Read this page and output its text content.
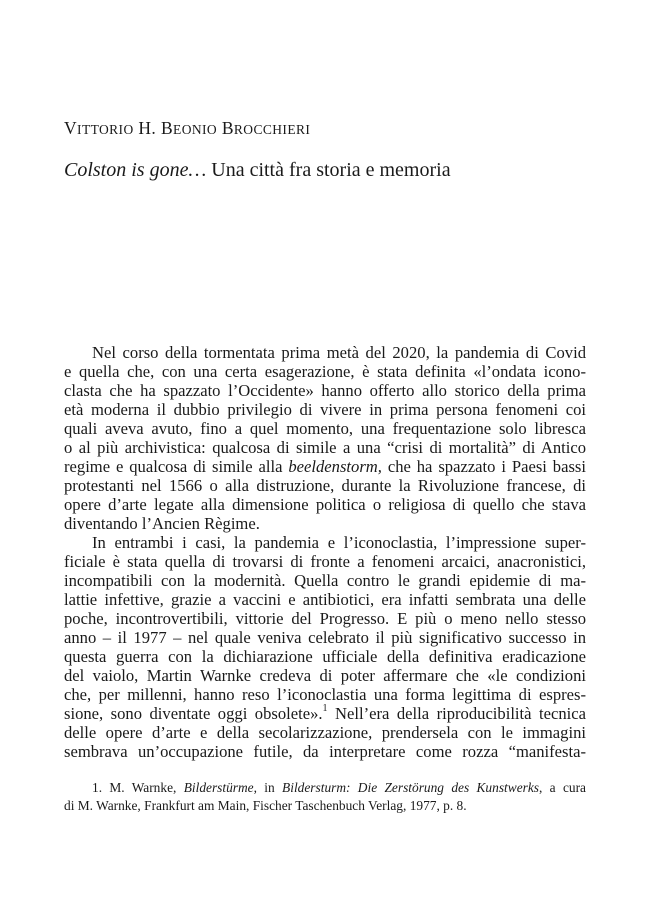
VITTORIO H. BEONIO BROCCHIERI
Colston is gone… Una città fra storia e memoria
Nel corso della tormentata prima metà del 2020, la pandemia di Covid
e quella che, con una certa esagerazione, è stata definita «l’ondata icono-
clasta che ha spazzato l’Occidente» hanno offerto allo storico della prima
età moderna il dubbio privilegio di vivere in prima persona fenomeni coi
quali aveva avuto, fino a quel momento, una frequentazione solo libresca
o al più archivistica: qualcosa di simile a una “crisi di mortalità” di Antico
regime e qualcosa di simile alla beeldenstorm, che ha spazzato i Paesi bassi
protestanti nel 1566 o alla distruzione, durante la Rivoluzione francese, di
opere d’arte legate alla dimensione politica o religiosa di quello che stava
diventando l’Ancien Règime.
In entrambi i casi, la pandemia e l’iconoclastia, l’impressione super-
ficiale è stata quella di trovarsi di fronte a fenomeni arcaici, anacronistici,
incompatibili con la modernità. Quella contro le grandi epidemie di ma-
lattie infettive, grazie a vaccini e antibiotici, era infatti sembrata una delle
poche, incontrovertibili, vittorie del Progresso. E più o meno nello stesso
anno – il 1977 – nel quale veniva celebrato il più significativo successo in
questa guerra con la dichiarazione ufficiale della definitiva eradicazione
del vaiolo, Martin Warnke credeva di poter affermare che «le condizioni
che, per millenni, hanno reso l’iconoclastia una forma legittima di espres-
sione, sono diventate oggi obsolete».$^1$ Nell’era della riproducibilità tecnica
delle opere d’arte e della secolarizzazione, prendersela con le immagini
sembrava un’occupazione futile, da interpretare come rozza “manifesta-
1. M. Warnke, Bilderstürme, in Bildersturm: Die Zerstörung des Kunstwerks, a cura
di M. Warnke, Frankfurt am Main, Fischer Taschenbuch Verlag, 1977, p. 8.
